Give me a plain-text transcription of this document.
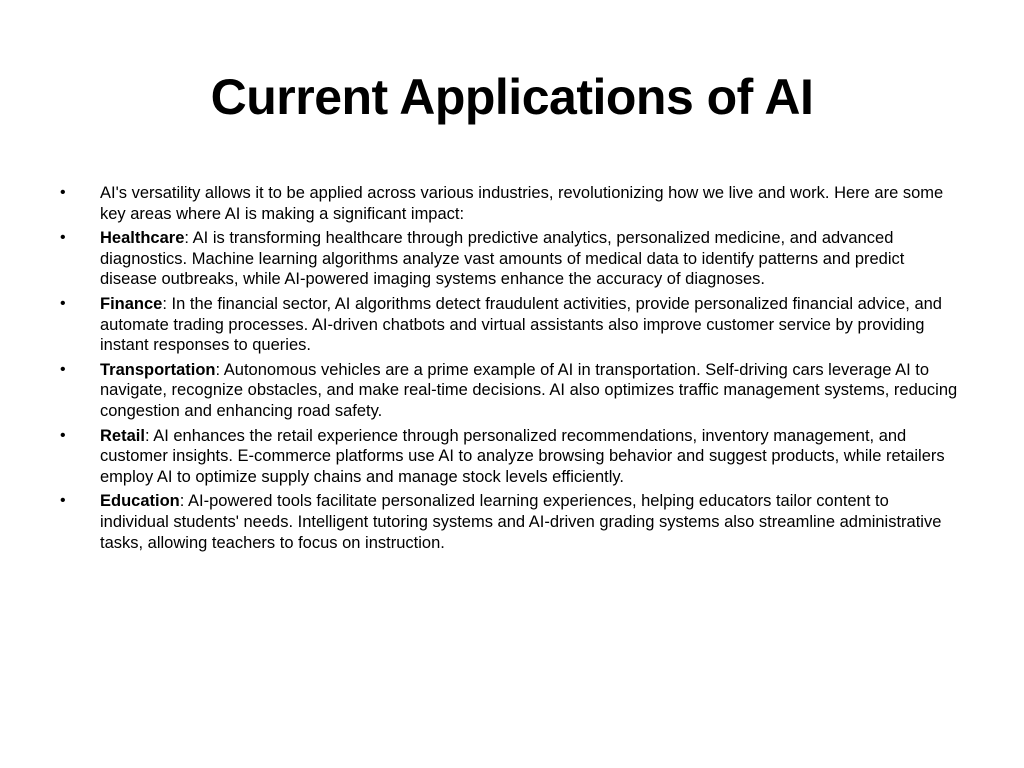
Current Applications of AI
•	AI's versatility allows it to be applied across various industries, revolutionizing how we live and work. Here are some key areas where AI is making a significant impact:
•	Healthcare: AI is transforming healthcare through predictive analytics, personalized medicine, and advanced diagnostics. Machine learning algorithms analyze vast amounts of medical data to identify patterns and predict disease outbreaks, while AI-powered imaging systems enhance the accuracy of diagnoses.
•	Finance: In the financial sector, AI algorithms detect fraudulent activities, provide personalized financial advice, and automate trading processes. AI-driven chatbots and virtual assistants also improve customer service by providing instant responses to queries.
•	Transportation: Autonomous vehicles are a prime example of AI in transportation. Self-driving cars leverage AI to navigate, recognize obstacles, and make real-time decisions. AI also optimizes traffic management systems, reducing congestion and enhancing road safety.
•	Retail: AI enhances the retail experience through personalized recommendations, inventory management, and customer insights. E-commerce platforms use AI to analyze browsing behavior and suggest products, while retailers employ AI to optimize supply chains and manage stock levels efficiently.
•	Education: AI-powered tools facilitate personalized learning experiences, helping educators tailor content to individual students' needs. Intelligent tutoring systems and AI-driven grading systems also streamline administrative tasks, allowing teachers to focus on instruction.
